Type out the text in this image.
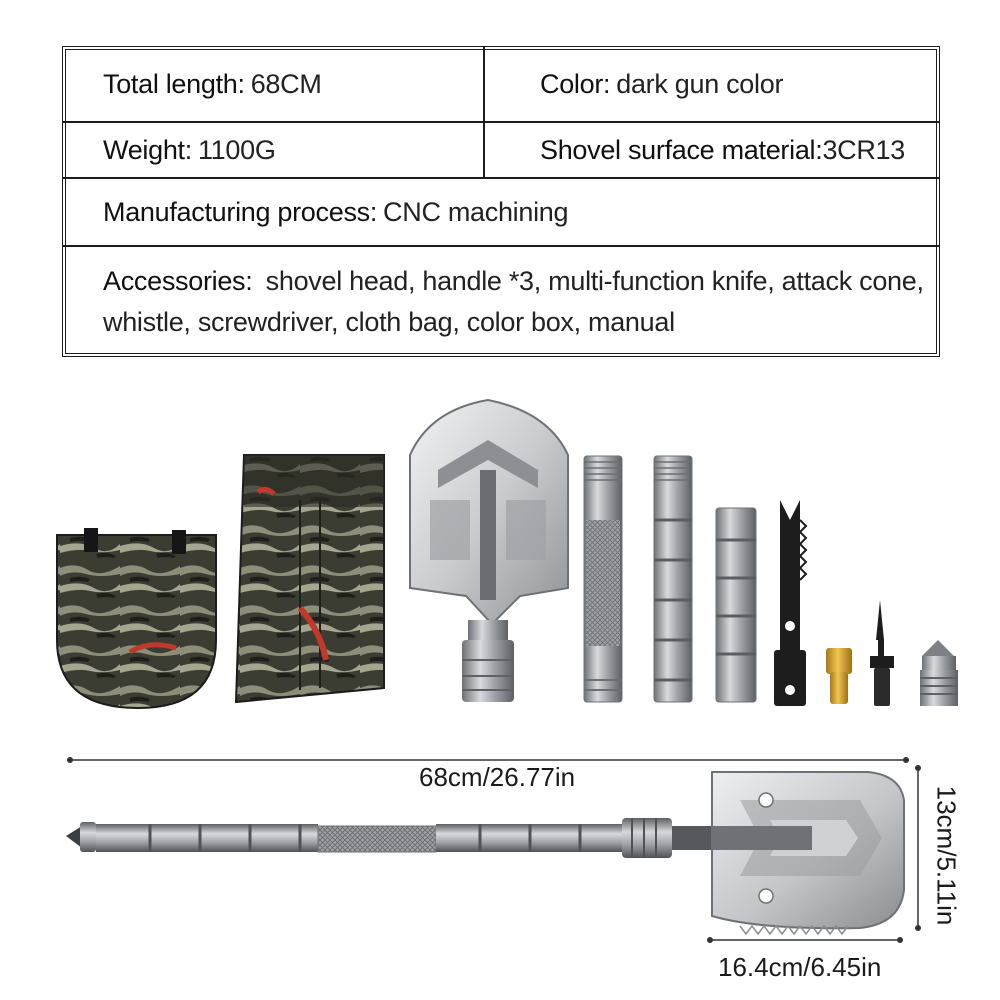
Total length : 68CM	Color : dark gun color
Weight : 1100G	Shovel surface material : 3CR13
Manufacturing process : CNC machining
Accessories: shovel head, handle *3, multi-function knife, attack cone,
whistle, screwdriver, cloth bag, color box, manual
68cm/26.77in
13cm/5.11in
16.4cm/6.45in
